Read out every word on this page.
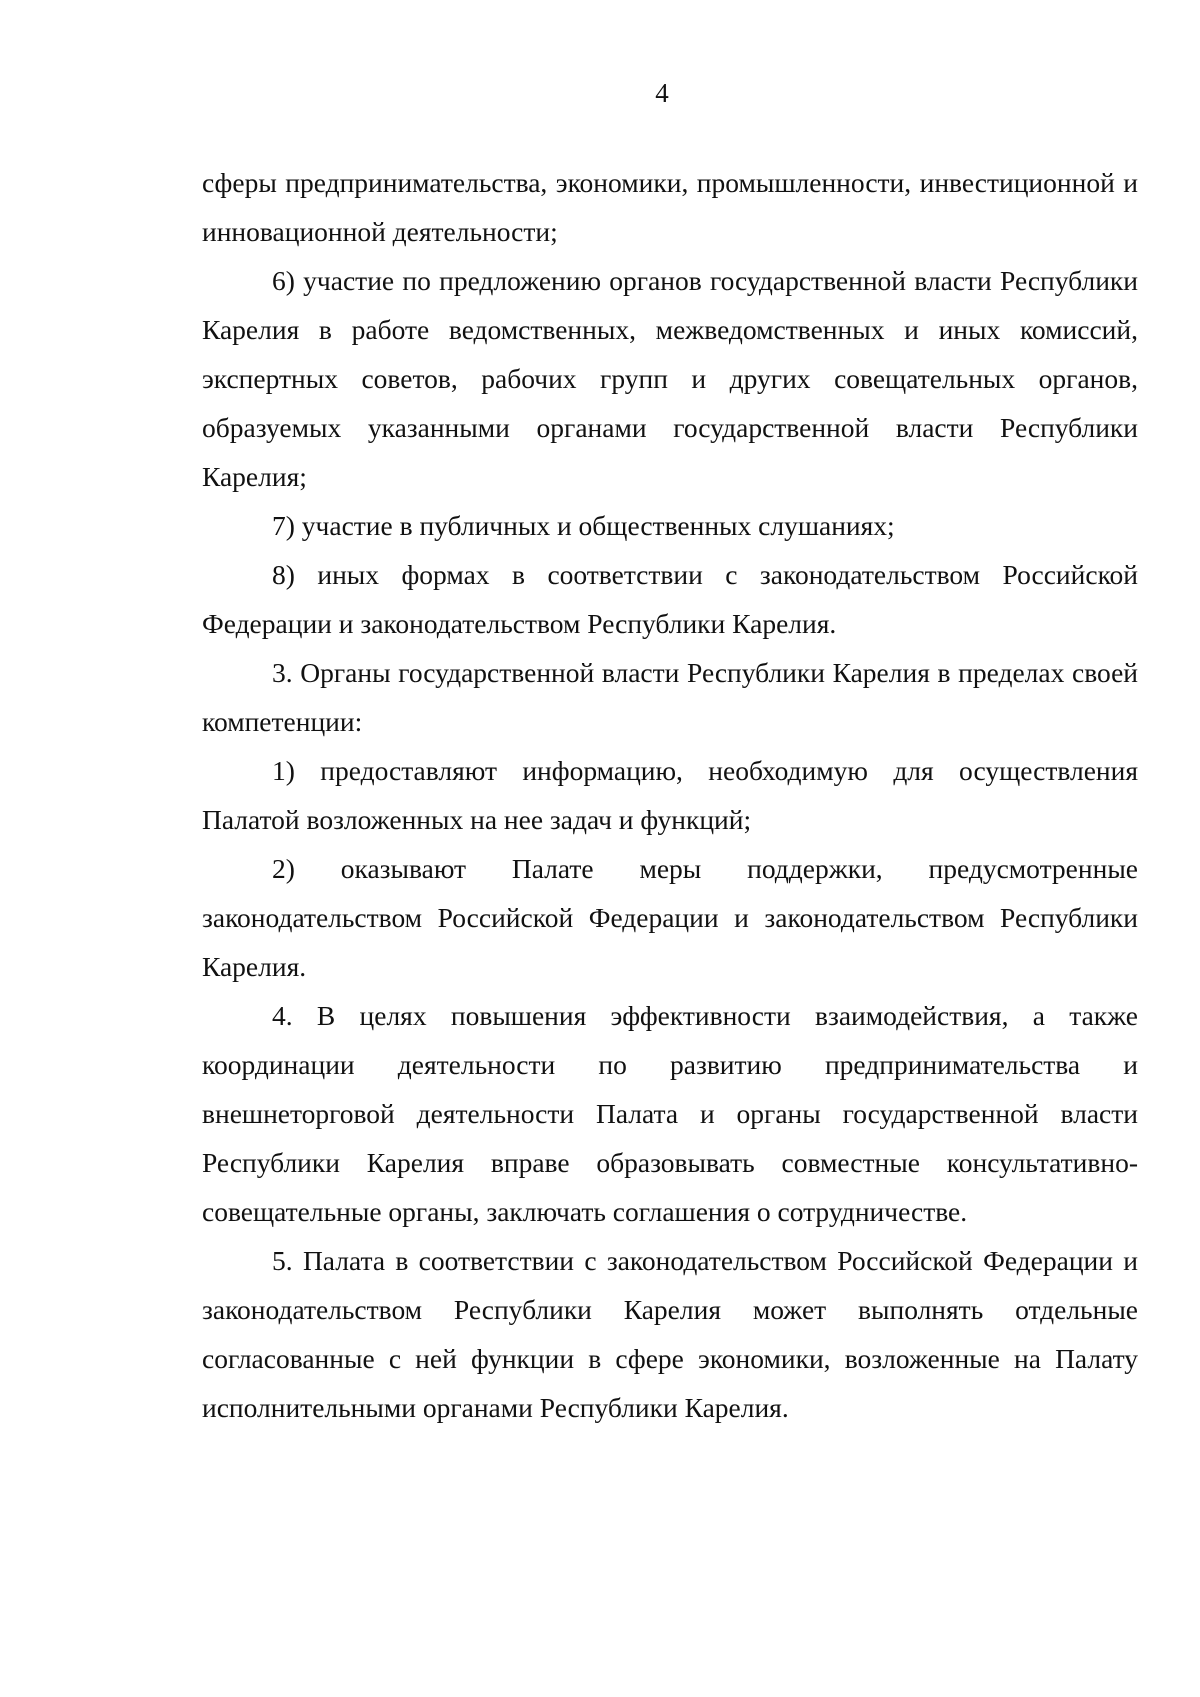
4

сферы предпринимательства, экономики, промышленности, инвестиционной и инновационной деятельности;

6) участие по предложению органов государственной власти Республики Карелия в работе ведомственных, межведомственных и иных комиссий, экспертных советов, рабочих групп и других совещательных органов, образуемых указанными органами государственной власти Республики Карелия;

7) участие в публичных и общественных слушаниях;

8) иных формах в соответствии с законодательством Российской Федерации и законодательством Республики Карелия.

3. Органы государственной власти Республики Карелия в пределах своей компетенции:

1) предоставляют информацию, необходимую для осуществления Палатой возложенных на нее задач и функций;

2) оказывают Палате меры поддержки, предусмотренные законодательством Российской Федерации и законодательством Республики Карелия.

4. В целях повышения эффективности взаимодействия, а также координации деятельности по развитию предпринимательства и внешнеторговой деятельности Палата и органы государственной власти Республики Карелия вправе образовывать совместные консультативно-совещательные органы, заключать соглашения о сотрудничестве.

5. Палата в соответствии с законодательством Российской Федерации и законодательством Республики Карелия может выполнять отдельные согласованные с ней функции в сфере экономики, возложенные на Палату исполнительными органами Республики Карелия.
